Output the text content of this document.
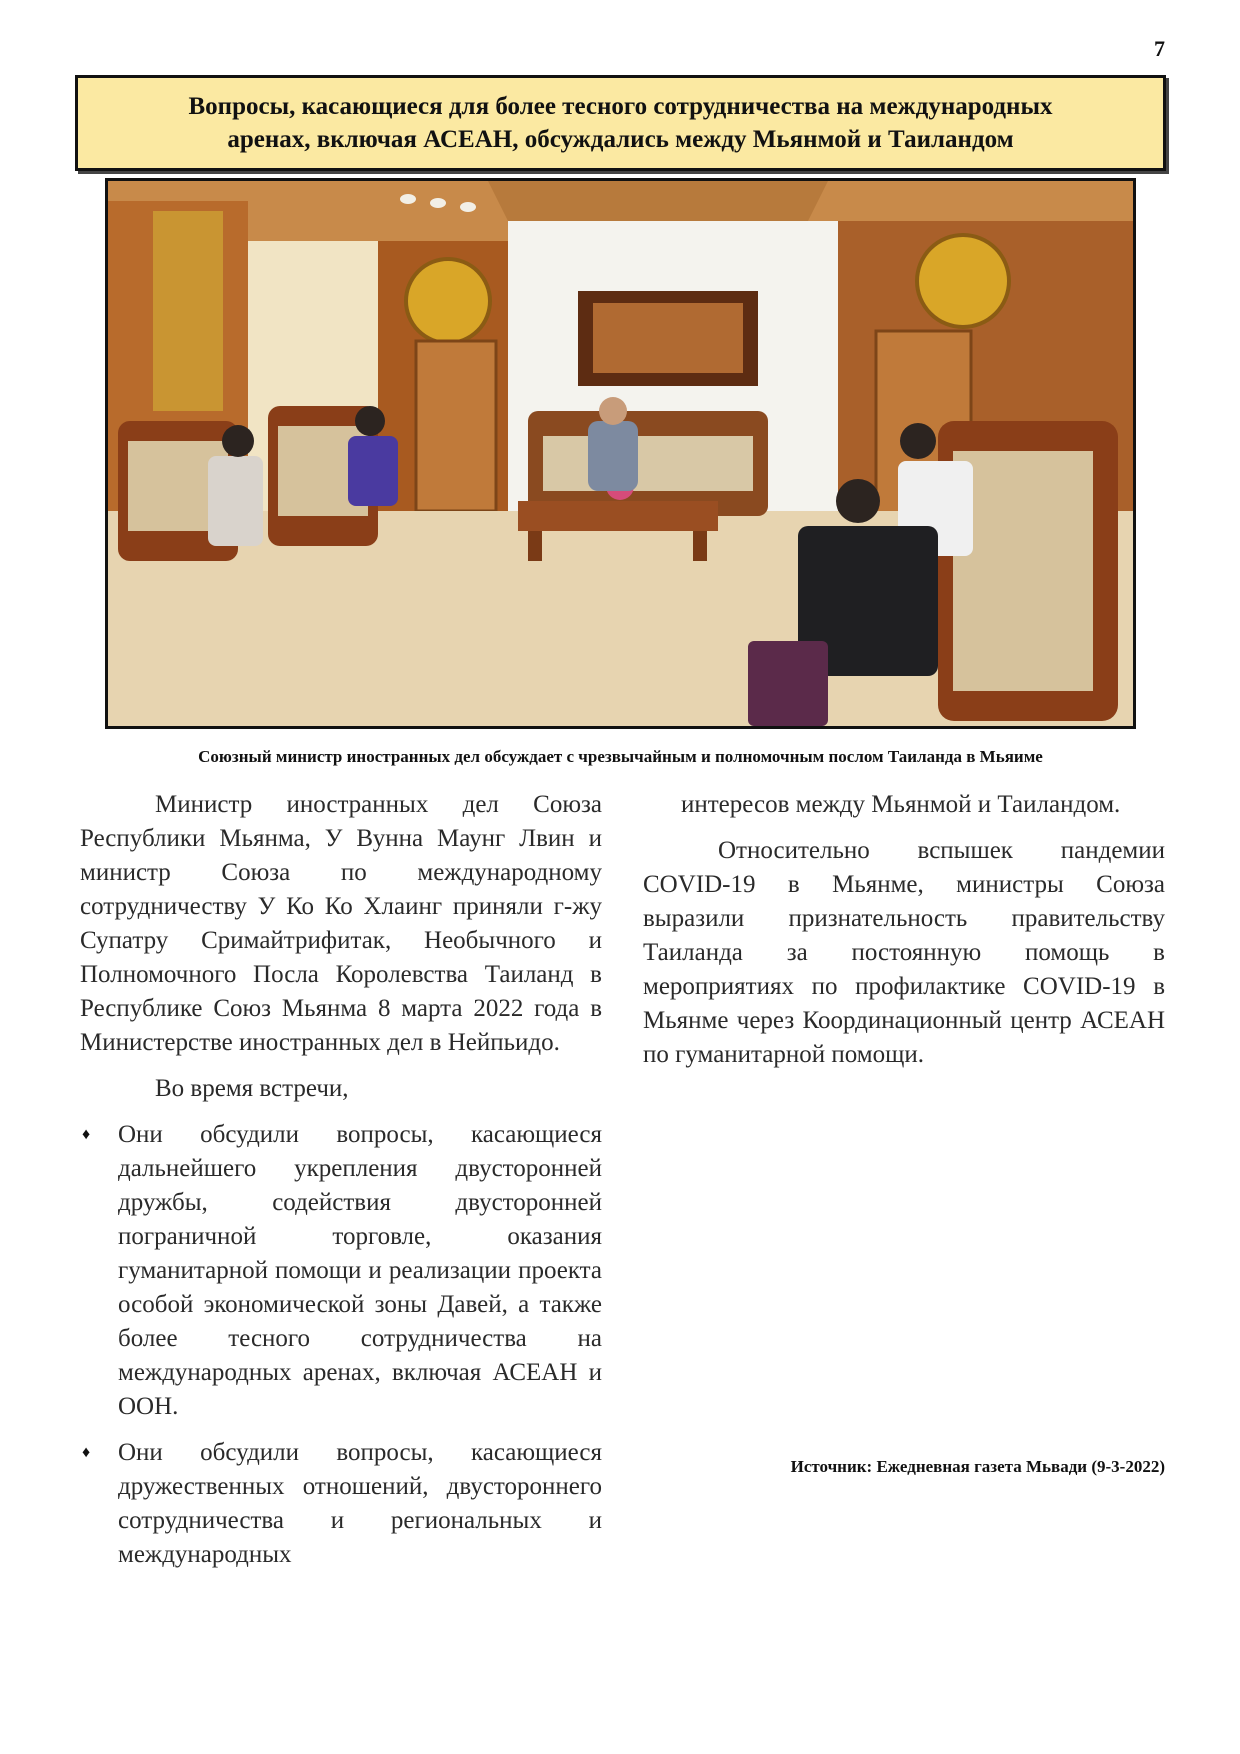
7
Вопросы, касающиеся для более тесного сотрудничества на международных
аренах, включая АСЕАН, обсуждались между Мьянмой и Таиландом
Союзный министр иностранных дел обсуждает с чрезвычайным и полномочным послом Таиланда в Мьяиме

Министр иностранных дел Союза Республики Мьянма, У Вунна Маунг Лвин и министр Союза по международному сотрудничеству У Ко Ко Хлаинг приняли г-жу Супатру Сримайтрифитак, Необычного и Полномочного Посла Королевства Таиланд в Республике Союз Мьянма 8 марта 2022 года в Министерстве иностранных дел в Нейпьидо.

Во время встречи,

♦ Они обсудили вопросы, касающиеся дальнейшего укрепления двусторонней дружбы, содействия двусторонней пограничной торговле, оказания гуманитарной помощи и реализации проекта особой экономической зоны Давей, а также более тесного сотрудничества на международных аренах, включая АСЕАН и ООН.

♦ Они обсудили вопросы, касающиеся дружественных отношений, двустороннего сотрудничества и региональных и международных

интересов между Мьянмой и Таиландом.

Относительно вспышек пандемии COVID-19 в Мьянме, министры Союза выразили признательность правительству Таиланда за постоянную помощь в мероприятиях по профилактике COVID-19 в Мьянме через Координационный центр АСЕАН по гуманитарной помощи.

Источник: Ежедневная газета Мьвади (9-3-2022)
